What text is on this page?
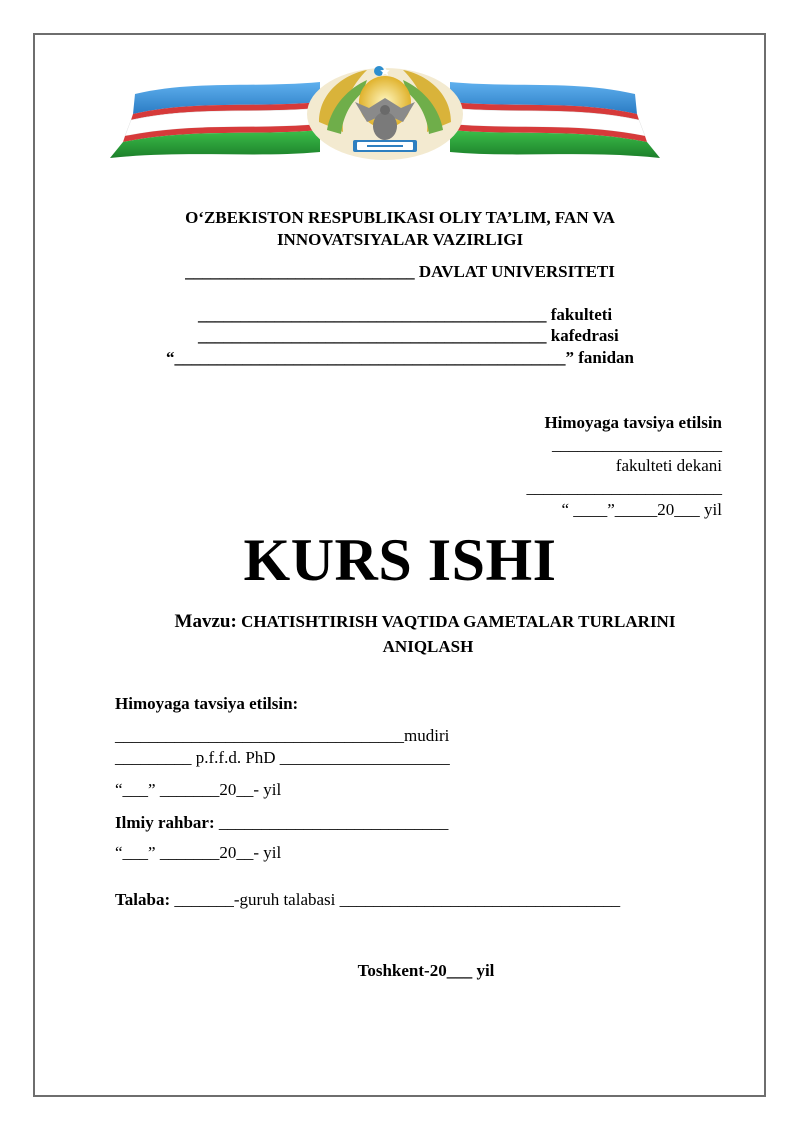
O‘ZBEKISTON RESPUBLIKASI OLIY TA’LIM, FAN VA
INNOVATSIYALAR VAZIRLIGI
___________________________ DAVLAT UNIVERSITETI
_________________________________________ fakulteti
_________________________________________ kafedrasi
“______________________________________________” fanidan
Himoyaga tavsiya etilsin
____________________
fakulteti dekani
_______________________
“ ____”_____20___ yil
KURS ISHI
Mavzu: CHATISHTIRISH VAQTIDA GAMETALAR TURLARINI
ANIQLASH
Himoyaga tavsiya etilsin:
__________________________________mudiri
_________ p.f.f.d. PhD ____________________
“___” _______20__- yil
Ilmiy rahbar: ___________________________
“___” _______20__- yil
Talaba: _______-guruh talabasi _________________________________
Toshkent-20___ yil
